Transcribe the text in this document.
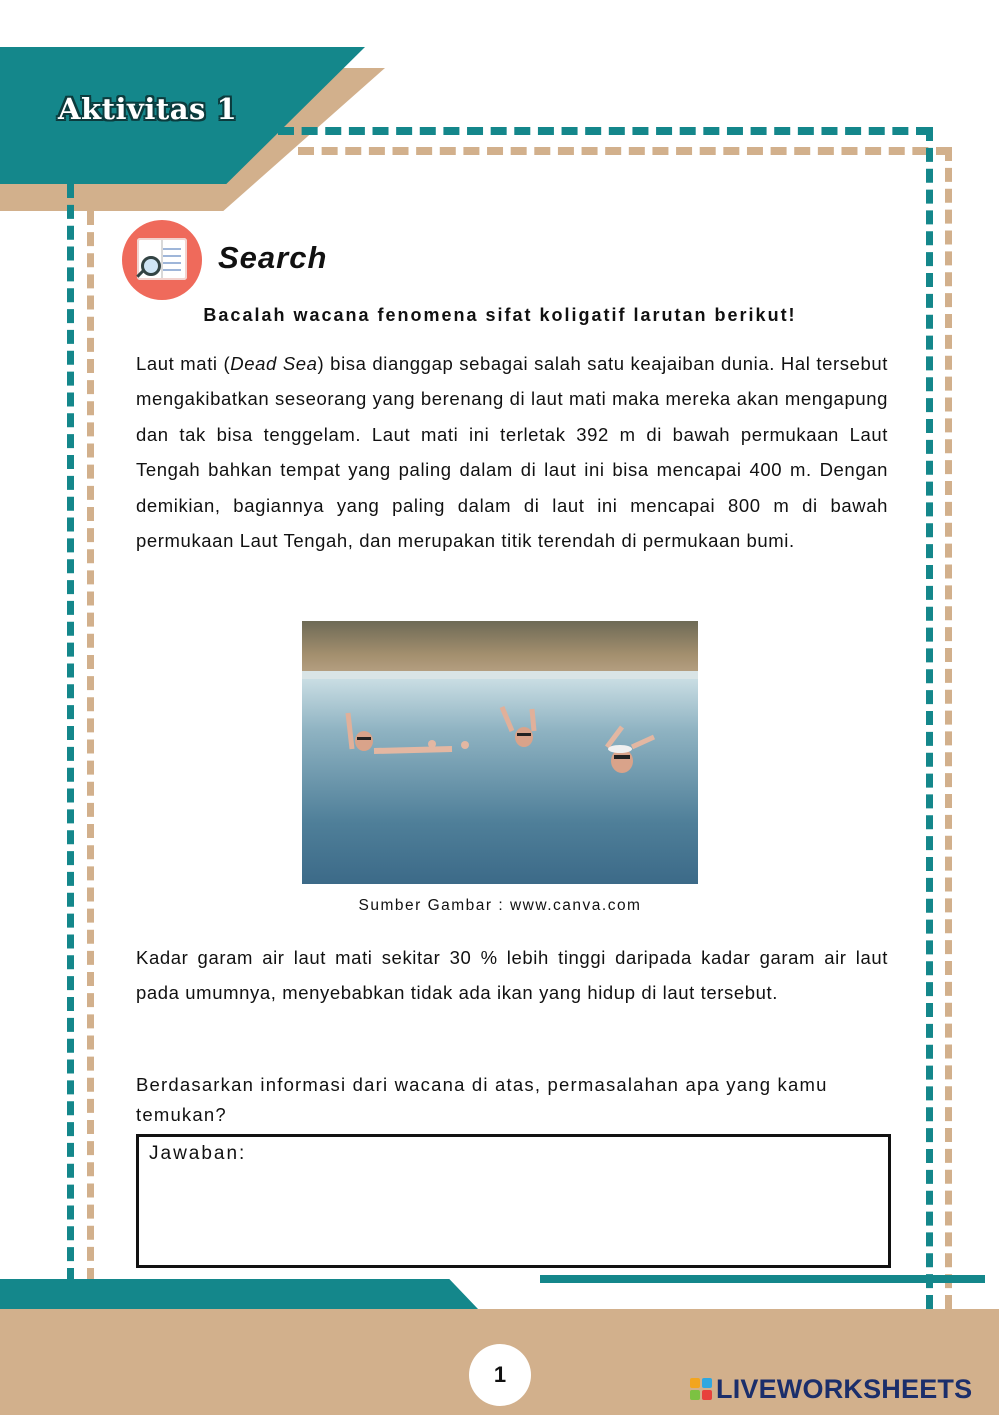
Aktivitas 1
Search
Bacalah wacana fenomena sifat koligatif larutan berikut!
Laut mati (Dead Sea) bisa dianggap sebagai salah satu keajaiban dunia. Hal tersebut mengakibatkan seseorang yang berenang di laut mati maka mereka akan mengapung dan tak bisa tenggelam. Laut mati ini terletak 392 m di bawah permukaan Laut Tengah bahkan tempat yang paling dalam di laut ini bisa mencapai 400 m. Dengan demikian, bagiannya yang paling dalam di laut ini mencapai 800 m di bawah permukaan Laut Tengah, dan merupakan titik terendah di permukaan bumi.
Sumber Gambar : www.canva.com
Kadar garam air laut mati sekitar 30 % lebih tinggi daripada kadar garam air laut pada umumnya, menyebabkan tidak ada ikan yang hidup di laut tersebut.
Berdasarkan informasi dari wacana di atas, permasalahan apa yang kamu temukan?
Jawaban:
1	LIVEWORKSHEETS
